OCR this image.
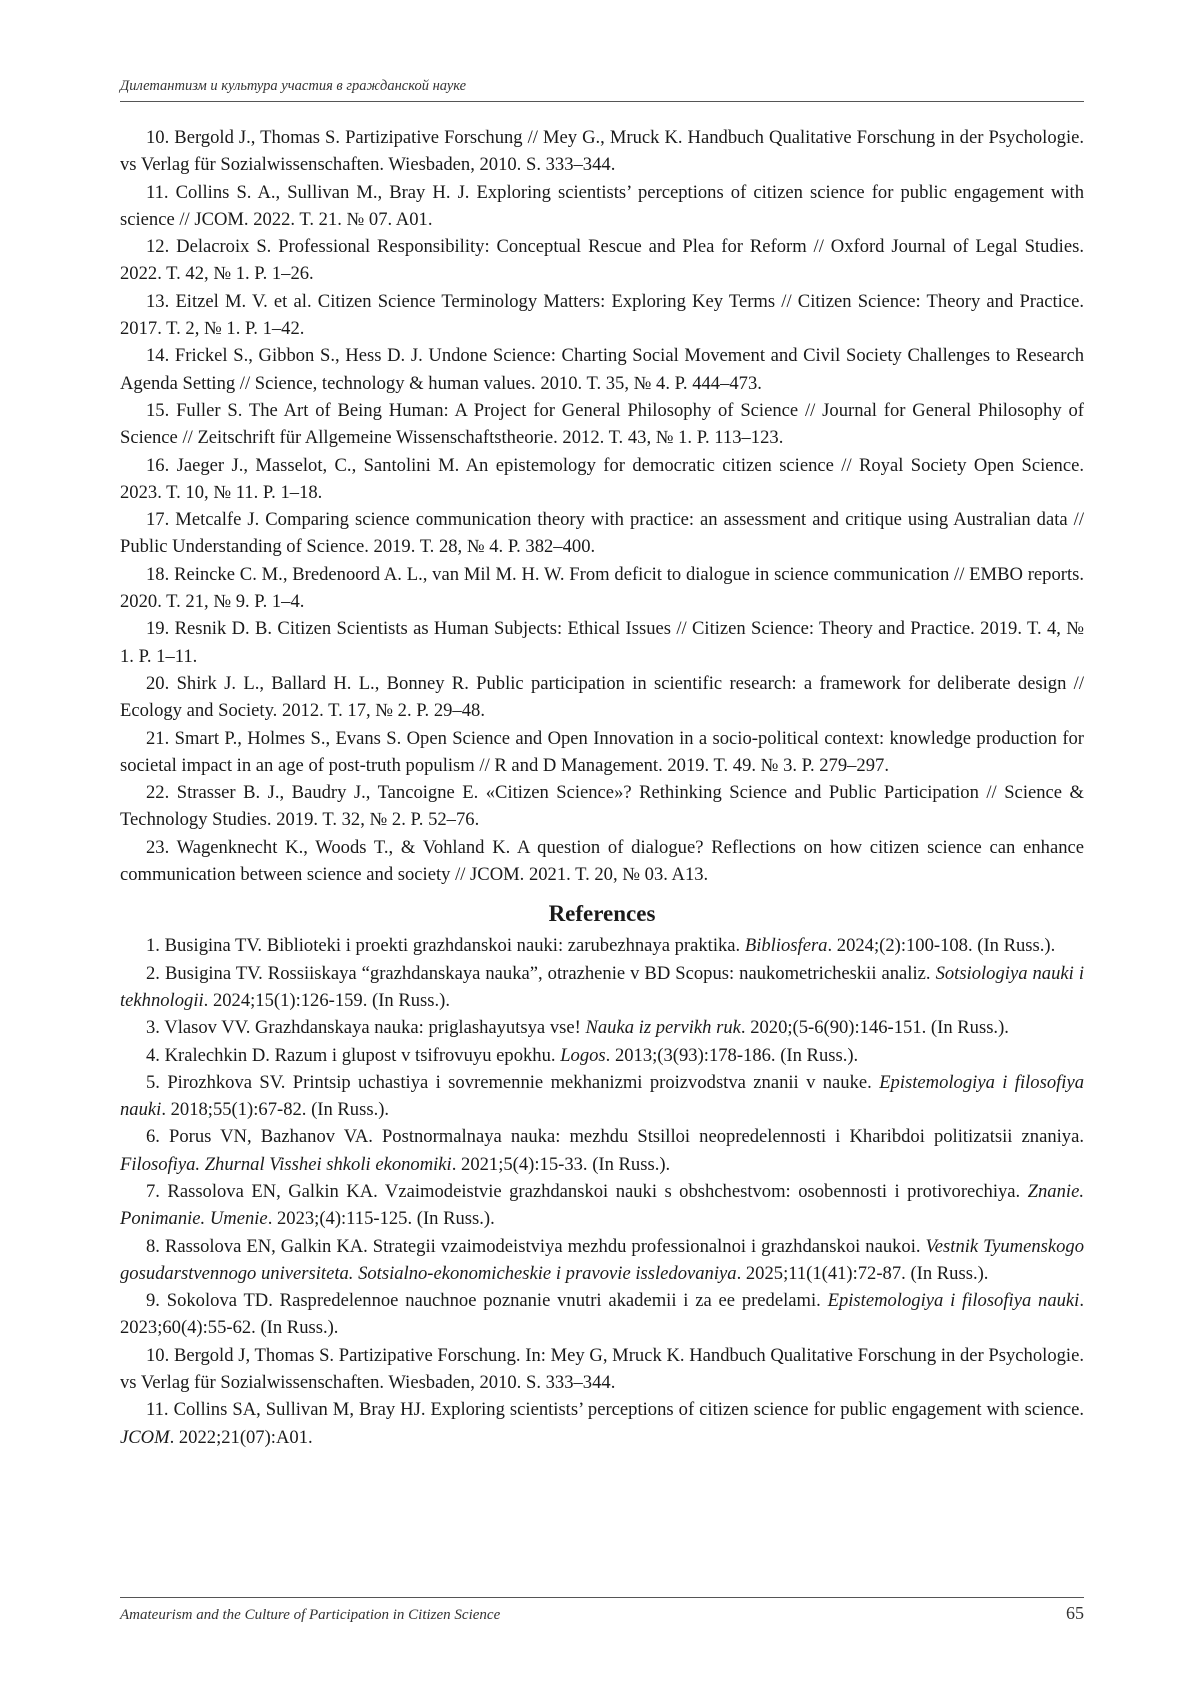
Дилетантизм и культура участия в гражданской науке

10. Bergold J., Thomas S. Partizipative Forschung // Mey G., Mruck K. Handbuch Qualitative Forschung in der Psychologie. vs Verlag für Sozialwissenschaften. Wiesbaden, 2010. S. 333–344.

11. Collins S. A., Sullivan M., Bray H. J. Exploring scientists’ perceptions of citizen science for public engagement with science // JCOM. 2022. T. 21. № 07. A01.

12. Delacroix S. Professional Responsibility: Conceptual Rescue and Plea for Reform // Oxford Journal of Legal Studies. 2022. T. 42, № 1. P. 1–26.

13. Eitzel M. V. et al. Citizen Science Terminology Matters: Exploring Key Terms // Citizen Science: Theory and Practice. 2017. T. 2, № 1. P. 1–42.

14. Frickel S., Gibbon S., Hess D. J. Undone Science: Charting Social Movement and Civil Society Challenges to Research Agenda Setting // Science, technology & human values. 2010. T. 35, № 4. P. 444–473.

15. Fuller S. The Art of Being Human: A Project for General Philosophy of Science // Journal for General Philosophy of Science // Zeitschrift für Allgemeine Wissenschaftstheorie. 2012. T. 43, № 1. P. 113–123.

16. Jaeger J., Masselot, C., Santolini M. An epistemology for democratic citizen science // Royal Society Open Science. 2023. T. 10, № 11. P. 1–18.

17. Metcalfe J. Comparing science communication theory with practice: an assessment and critique using Australian data // Public Understanding of Science. 2019. T. 28, № 4. P. 382–400.

18. Reincke C. M., Bredenoord A. L., van Mil M. H. W. From deficit to dialogue in science communication // EMBO reports. 2020. T. 21, № 9. P. 1–4.

19. Resnik D. B. Citizen Scientists as Human Subjects: Ethical Issues // Citizen Science: Theory and Practice. 2019. T. 4, № 1. P. 1–11.

20. Shirk J. L., Ballard H. L., Bonney R. Public participation in scientific research: a framework for deliberate design // Ecology and Society. 2012. T. 17, № 2. P. 29–48.

21. Smart P., Holmes S., Evans S. Open Science and Open Innovation in a socio-political context: knowledge production for societal impact in an age of post-truth populism // R and D Management. 2019. T. 49. № 3. P. 279–297.

22. Strasser B. J., Baudry J., Tancoigne E. «Citizen Science»? Rethinking Science and Public Participation // Science & Technology Studies. 2019. T. 32, № 2. P. 52–76.

23. Wagenknecht K., Woods T., & Vohland K. A question of dialogue? Reflections on how citizen science can enhance communication between science and society // JCOM. 2021. T. 20, № 03. A13.

References

1. Busigina TV. Biblioteki i proekti grazhdanskoi nauki: zarubezhnaya praktika. Bibliosfera. 2024;(2):100-108. (In Russ.).

2. Busigina TV. Rossiiskaya “grazhdanskaya nauka”, otrazhenie v BD Scopus: naukometricheskii analiz. Sotsiologiya nauki i tekhnologii. 2024;15(1):126-159. (In Russ.).

3. Vlasov VV. Grazhdanskaya nauka: priglashayutsya vse! Nauka iz pervikh ruk. 2020;(5-6(90):146-151. (In Russ.).

4. Kralechkin D. Razum i glupost v tsifrovuyu epokhu. Logos. 2013;(3(93):178-186. (In Russ.).

5. Pirozhkova SV. Printsip uchastiya i sovremennie mekhanizmi proizvodstva znanii v nauke. Epistemologiya i filosofiya nauki. 2018;55(1):67-82. (In Russ.).

6. Porus VN, Bazhanov VA. Postnormalnaya nauka: mezhdu Stsilloi neopredelennosti i Kharibdoi politizatsii znaniya. Filosofiya. Zhurnal Visshei shkoli ekonomiki. 2021;5(4):15-33. (In Russ.).

7. Rassolova EN, Galkin KA. Vzaimodeistvie grazhdanskoi nauki s obshchestvom: osobennosti i protivorechiya. Znanie. Ponimanie. Umenie. 2023;(4):115-125. (In Russ.).

8. Rassolova EN, Galkin KA. Strategii vzaimodeistviya mezhdu professionalnoi i grazhdanskoi naukoi. Vestnik Tyumenskogo gosudarstvennogo universiteta. Sotsialno-ekonomicheskie i pravovie issledovaniya. 2025;11(1(41):72-87. (In Russ.).

9. Sokolova TD. Raspredelennoe nauchnoe poznanie vnutri akademii i za ee predelami. Epistemologiya i filosofiya nauki. 2023;60(4):55-62. (In Russ.).

10. Bergold J, Thomas S. Partizipative Forschung. In: Mey G, Mruck K. Handbuch Qualitative Forschung in der Psychologie. vs Verlag für Sozialwissenschaften. Wiesbaden, 2010. S. 333–344.

11. Collins SA, Sullivan M, Bray HJ. Exploring scientists’ perceptions of citizen science for public engagement with science. JCOM. 2022;21(07):A01.

Amateurism and the Culture of Participation in Citizen Science	65
